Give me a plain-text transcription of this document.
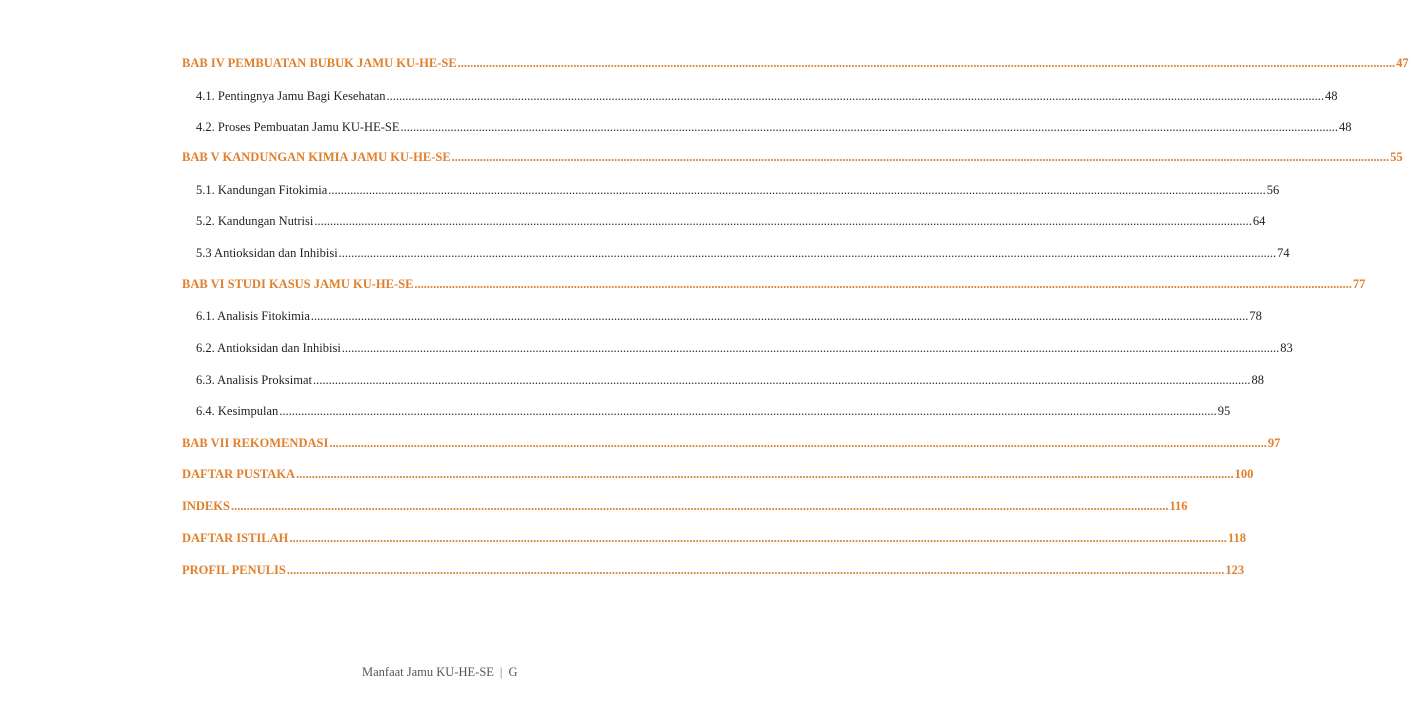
BAB IV PEMBUATAN BUBUK JAMU KU-HE-SE ............................................................................................................................................................................................................................................................................................................ 47
4.1. Pentingnya Jamu Bagi Kesehatan ............................................................................................................................................................................................................................................................................................................ 48
4.2. Proses Pembuatan Jamu KU-HE-SE ............................................................................................................................................................................................................................................................................................................ 48
BAB V KANDUNGAN KIMIA JAMU KU-HE-SE ............................................................................................................................................................................................................................................................................................................ 55
5.1. Kandungan Fitokimia ............................................................................................................................................................................................................................................................................................................ 56
5.2. Kandungan Nutrisi ............................................................................................................................................................................................................................................................................................................ 64
5.3 Antioksidan dan Inhibisi ............................................................................................................................................................................................................................................................................................................ 74
BAB VI STUDI KASUS JAMU KU-HE-SE ............................................................................................................................................................................................................................................................................................................ 77
6.1. Analisis Fitokimia ............................................................................................................................................................................................................................................................................................................ 78
6.2. Antioksidan dan Inhibisi ............................................................................................................................................................................................................................................................................................................ 83
6.3. Analisis Proksimat ............................................................................................................................................................................................................................................................................................................ 88
6.4. Kesimpulan ............................................................................................................................................................................................................................................................................................................ 95
BAB VII REKOMENDASI ............................................................................................................................................................................................................................................................................................................ 97
DAFTAR PUSTAKA ............................................................................................................................................................................................................................................................................................................ 100
INDEKS ............................................................................................................................................................................................................................................................................................................ 116
DAFTAR ISTILAH ............................................................................................................................................................................................................................................................................................................ 118
PROFIL PENULIS ............................................................................................................................................................................................................................................................................................................ 123
Manfaat Jamu KU-HE-SE | G
